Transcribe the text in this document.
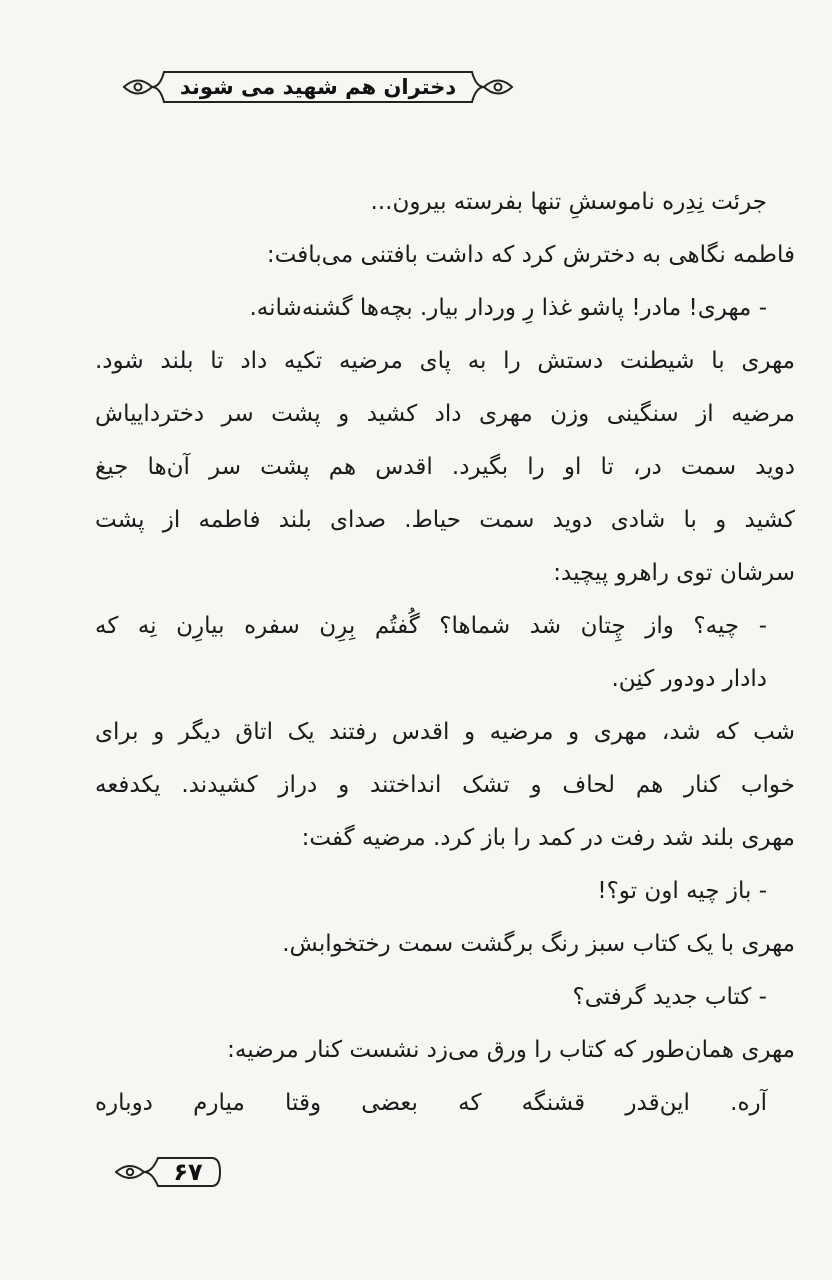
دختران هم شهید می شوند
جرئت نِدِره ناموسشِ تنها بفرسته بیرون...
فاطمه نگاهی به دخترش کرد که داشت بافتنی می‌بافت:
- مهری! مادر! پاشو غذا رِ وردار بیار. بچه‌ها گشنه‌شانه.
مهری با شیطنت دستش را به پای مرضیه تکیه داد تا بلند شود.
مرضیه از سنگینی وزن مهری داد کشید و پشت سر دخترداییاش
دوید سمت در، تا او را بگیرد. اقدس هم پشت سر آن‌ها جیغ
کشید و با شادی دوید سمت حیاط. صدای بلند فاطمه از پشت
سرشان توی راهرو پیچید:
- چیه؟ واز چِتان شد شماها؟ گُفتُم بِرِن سفره بیارِن نِه که
دادار دودور کنِن.
شب که شد، مهری و مرضیه و اقدس رفتند یک اتاق دیگر و برای
خواب کنار هم لحاف و تشک انداختند و دراز کشیدند. یکدفعه
مهری بلند شد رفت در کمد را باز کرد. مرضیه گفت:
- باز چیه اون تو؟!
مهری با یک کتاب سبز رنگ برگشت سمت رختخوابش.
- کتاب جدید گرفتی؟
مهری همان‌طور که کتاب را ورق می‌زد نشست کنار مرضیه:
آره. این‌قدر قشنگه که بعضی وقتا میارم دوباره
۶۷
